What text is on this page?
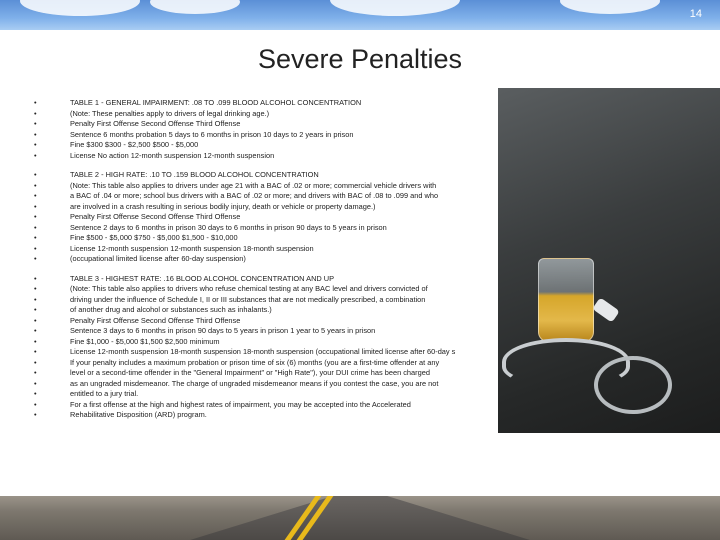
14
Severe Penalties
• TABLE 1 - GENERAL IMPAIRMENT: .08 TO .099 BLOOD ALCOHOL CONCENTRATION
• (Note: These penalties apply to drivers of legal drinking age.)
• Penalty First Offense Second Offense Third Offense
• Sentence 6 months probation 5 days to 6 months in prison 10 days to 2 years in prison
• Fine $300 $300 - $2,500 $500 - $5,000
• License No action 12-month suspension 12-month suspension
• TABLE 2 - HIGH RATE: .10 TO .159 BLOOD ALCOHOL CONCENTRATION
• (Note: This table also applies to drivers under age 21 with a BAC of .02 or more; commercial vehicle drivers with
• a BAC of .04 or more; school bus drivers with a BAC of .02 or more; and drivers with BAC of .08 to .099 and who
• are involved in a crash resulting in serious bodily injury, death or vehicle or property damage.)
• Penalty First Offense Second Offense Third Offense
• Sentence 2 days to 6 months in prison 30 days to 6 months in prison 90 days to 5 years in prison
• Fine $500 - $5,000 $750 - $5,000 $1,500 - $10,000
• License 12-month suspension 12-month suspension 18-month suspension
• (occupational limited license after 60-day suspension)
• TABLE 3 - HIGHEST RATE: .16 BLOOD ALCOHOL CONCENTRATION AND UP
• (Note: This table also applies to drivers who refuse chemical testing at any BAC level and drivers convicted of
• driving under the influence of Schedule I, II or III substances that are not medically prescribed, a combination
• of another drug and alcohol or substances such as inhalants.)
• Penalty First Offense Second Offense Third Offense
• Sentence 3 days to 6 months in prison 90 days to 5 years in prison 1 year to 5 years in prison
• Fine $1,000 - $5,000 $1,500 $2,500 minimum
• License 12-month suspension 18-month suspension 18-month suspension (occupational limited license after 60-day s
• If your penalty includes a maximum probation or prison time of six (6) months (you are a first-time offender at any
• level or a second-time offender in the "General Impairment" or "High Rate"), your DUI crime has been charged
• as an ungraded misdemeanor. The charge of ungraded misdemeanor means if you contest the case, you are not
• entitled to a jury trial.
• For a first offense at the high and highest rates of impairment, you may be accepted into the Accelerated
• Rehabilitative Disposition (ARD) program.
